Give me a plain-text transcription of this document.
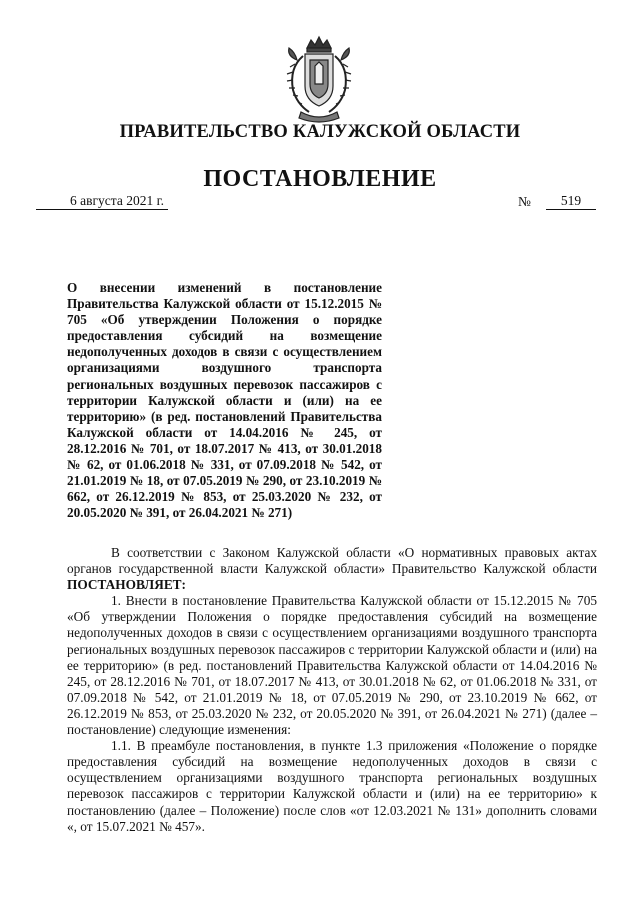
ПРАВИТЕЛЬСТВО КАЛУЖСКОЙ ОБЛАСТИ
ПОСТАНОВЛЕНИЕ
6 августа 2021 г.	№	519
О внесении изменений в постановление Правительства Калужской области от 15.12.2015 № 705 «Об утверждении Положения о порядке предоставления субсидий на возмещение недополученных доходов в связи с осуществлением организациями воздушного транспорта региональных воздушных перевозок пассажиров с территории Калужской области и (или) на ее территорию» (в ред. постановлений Правительства Калужской области от 14.04.2016 № 245, от 28.12.2016 № 701, от 18.07.2017 № 413, от 30.01.2018 № 62, от 01.06.2018 № 331, от 07.09.2018 № 542, от 21.01.2019 № 18, от 07.05.2019 № 290, от 23.10.2019 № 662, от 26.12.2019 № 853, от 25.03.2020 № 232, от 20.05.2020 № 391, от 26.04.2021 № 271)

В соответствии с Законом Калужской области «О нормативных правовых актах органов государственной власти Калужской области» Правительство Калужской области ПОСТАНОВЛЯЕТ:

1. Внести в постановление Правительства Калужской области от 15.12.2015 № 705 «Об утверждении Положения о порядке предоставления субсидий на возмещение недополученных доходов в связи с осуществлением организациями воздушного транспорта региональных воздушных перевозок пассажиров с территории Калужской области и (или) на ее территорию» (в ред. постановлений Правительства Калужской области от 14.04.2016 № 245, от 28.12.2016 № 701, от 18.07.2017 № 413, от 30.01.2018 № 62, от 01.06.2018 № 331, от 07.09.2018 № 542, от 21.01.2019 № 18, от 07.05.2019 № 290, от 23.10.2019 № 662, от 26.12.2019 № 853, от 25.03.2020 № 232, от 20.05.2020 № 391, от 26.04.2021 № 271) (далее – постановление) следующие изменения:

1.1. В преамбуле постановления, в пункте 1.3 приложения «Положение о порядке предоставления субсидий на возмещение недополученных доходов в связи с осуществлением организациями воздушного транспорта региональных воздушных перевозок пассажиров с территории Калужской области и (или) на ее территорию» к постановлению (далее – Положение) после слов «от 12.03.2021 № 131» дополнить словами «, от 15.07.2021 № 457».
